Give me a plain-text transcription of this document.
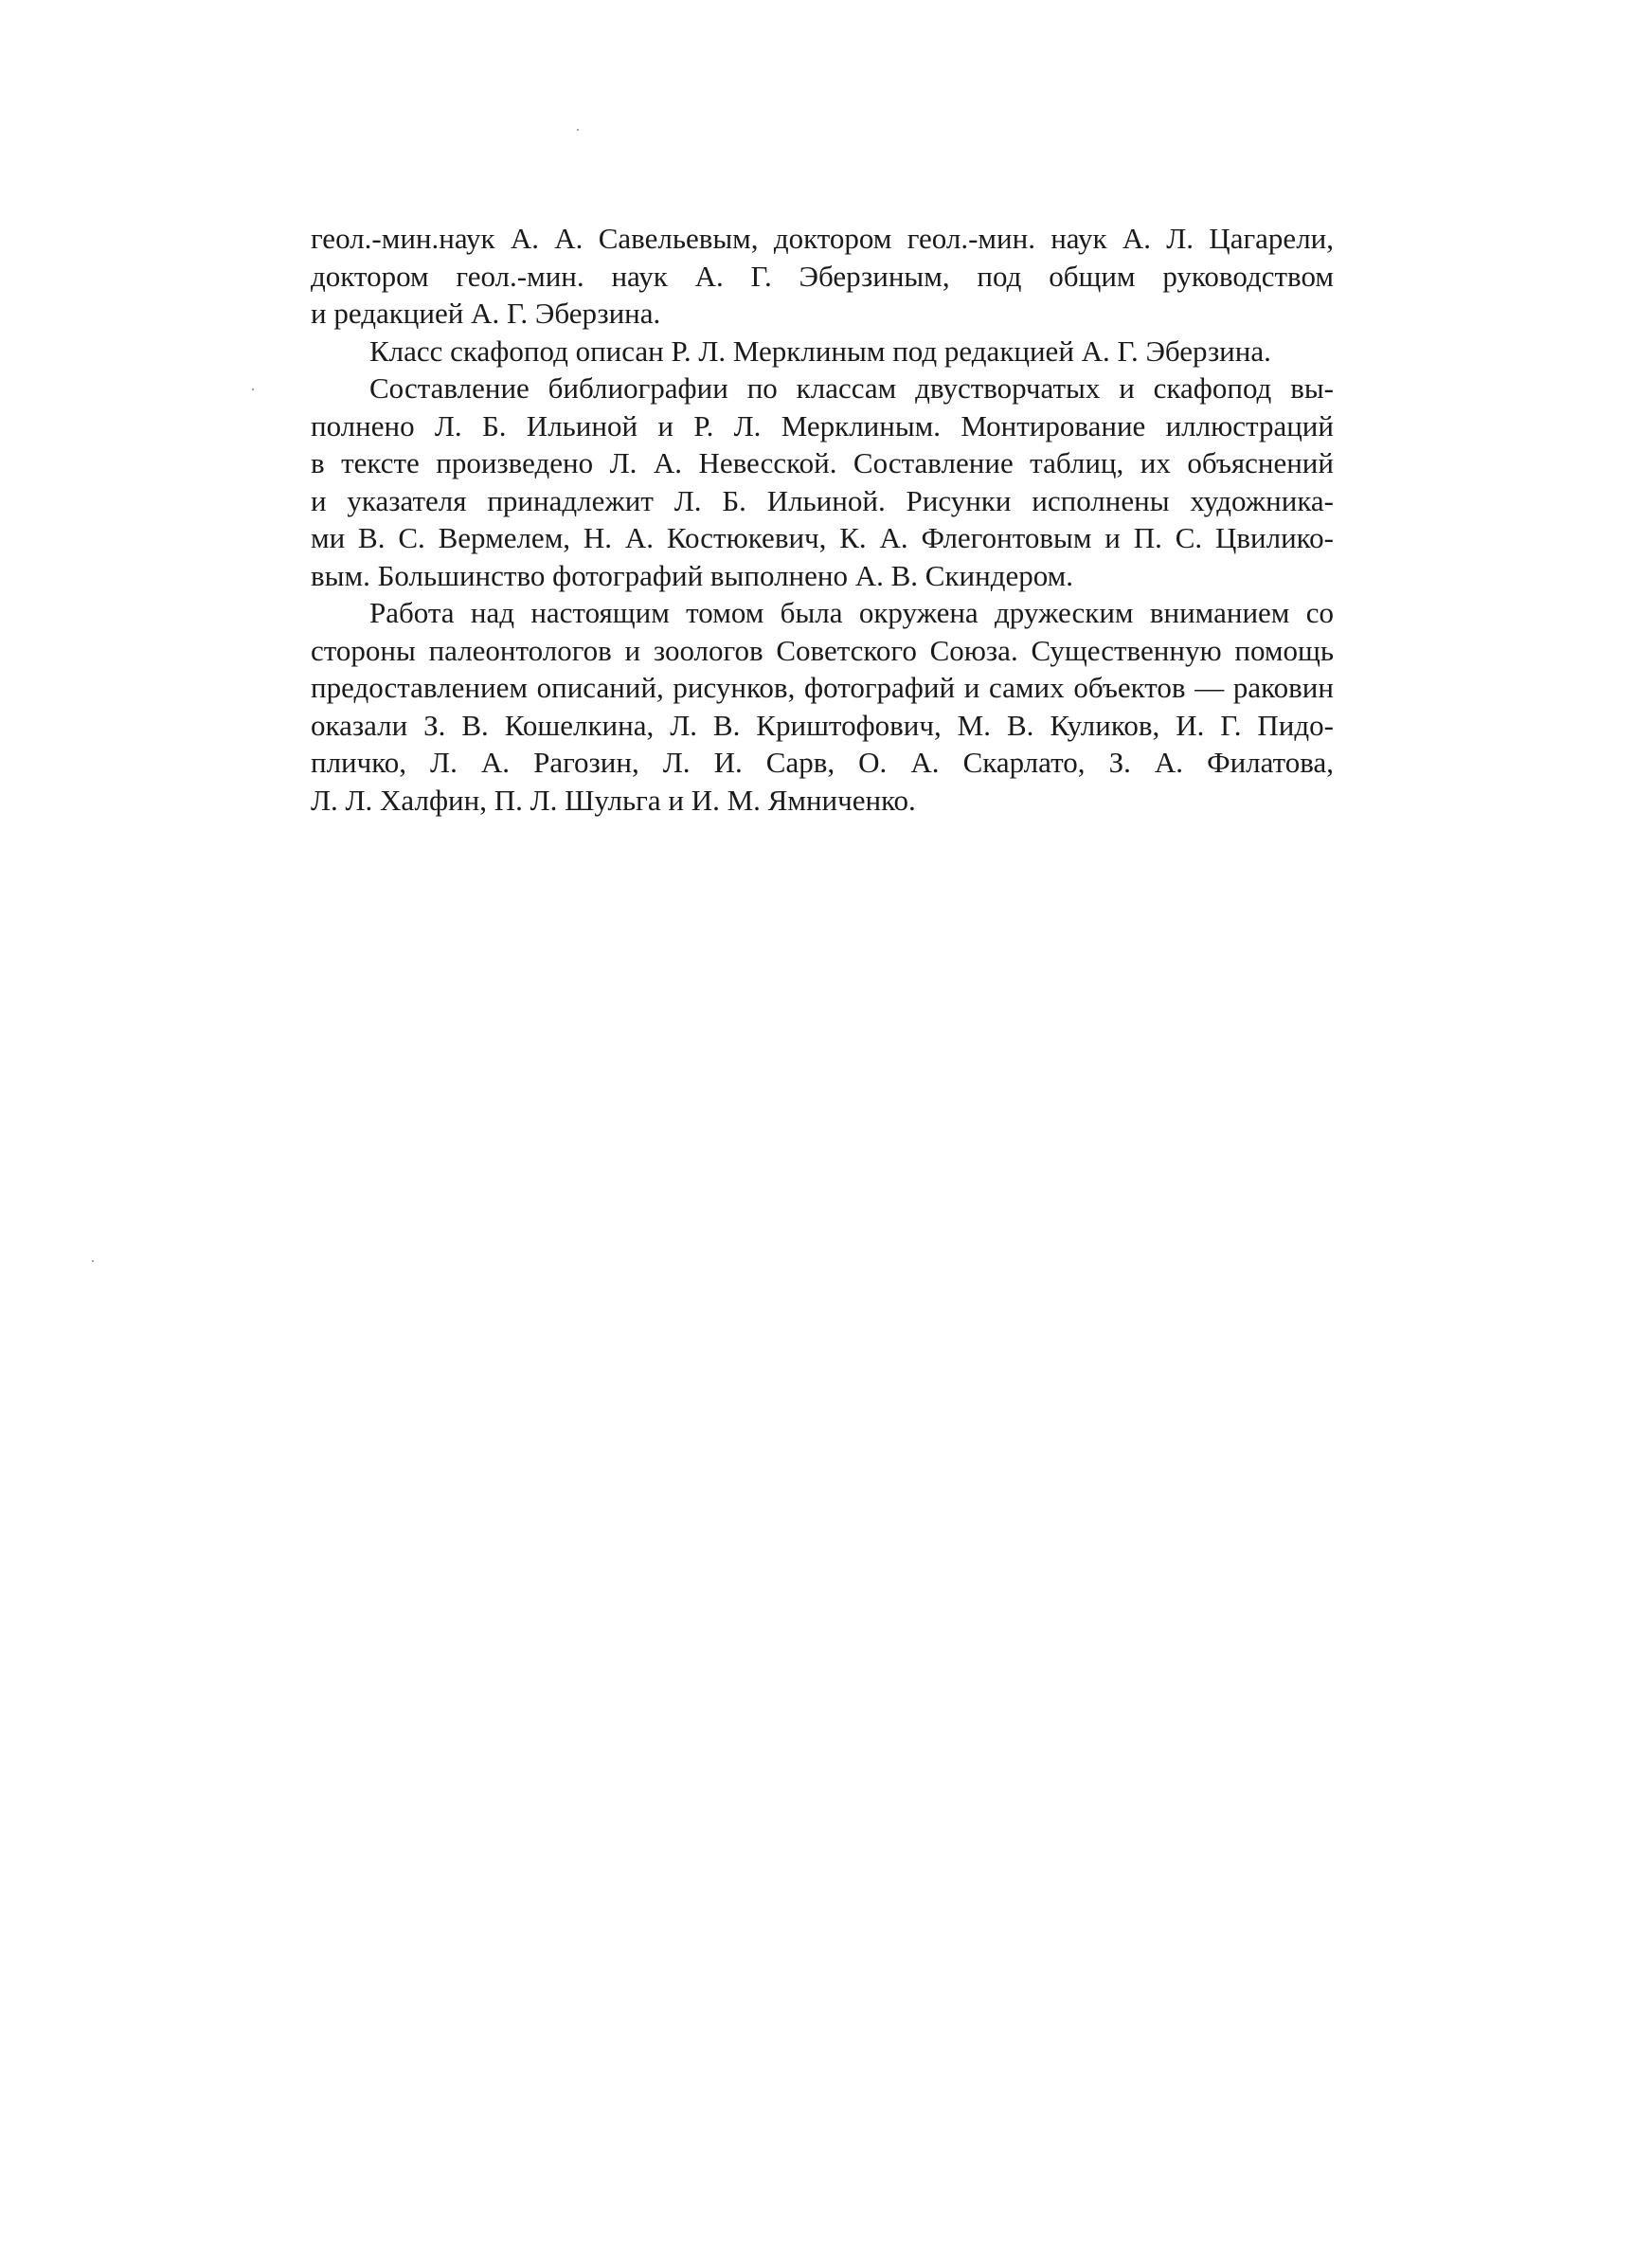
геол.-мин.наук А. А. Савельевым, доктором геол.-мин. наук А. Л. Цагарели,
доктором геол.-мин. наук А. Г. Эберзиным, под общим руководством
и редакцией А. Г. Эберзина.

Класс скафопод описан Р. Л. Мерклиным под редакцией А. Г. Эберзина.

Составление библиографии по классам двустворчатых и скафопод вы-
полнено Л. Б. Ильиной и Р. Л. Мерклиным. Монтирование иллюстраций
в тексте произведено Л. А. Невесской. Составление таблиц, их объяснений
и указателя принадлежит Л. Б. Ильиной. Рисунки исполнены художника-
ми В. С. Вермелем, Н. А. Костюкевич, К. А. Флегонтовым и П. С. Цвилико-
вым. Большинство фотографий выполнено А. В. Скиндером.

Работа над настоящим томом была окружена дружеским вниманием со
стороны палеонтологов и зоологов Советского Союза. Существенную помощь
предоставлением описаний, рисунков, фотографий и самих объектов — раковин
оказали З. В. Кошелкина, Л. В. Криштофович, М. В. Куликов, И. Г. Пидо-
пличко, Л. А. Рагозин, Л. И. Сарв, О. А. Скарлато, З. А. Филатова,
Л. Л. Халфин, П. Л. Шульга и И. М. Ямниченко.
